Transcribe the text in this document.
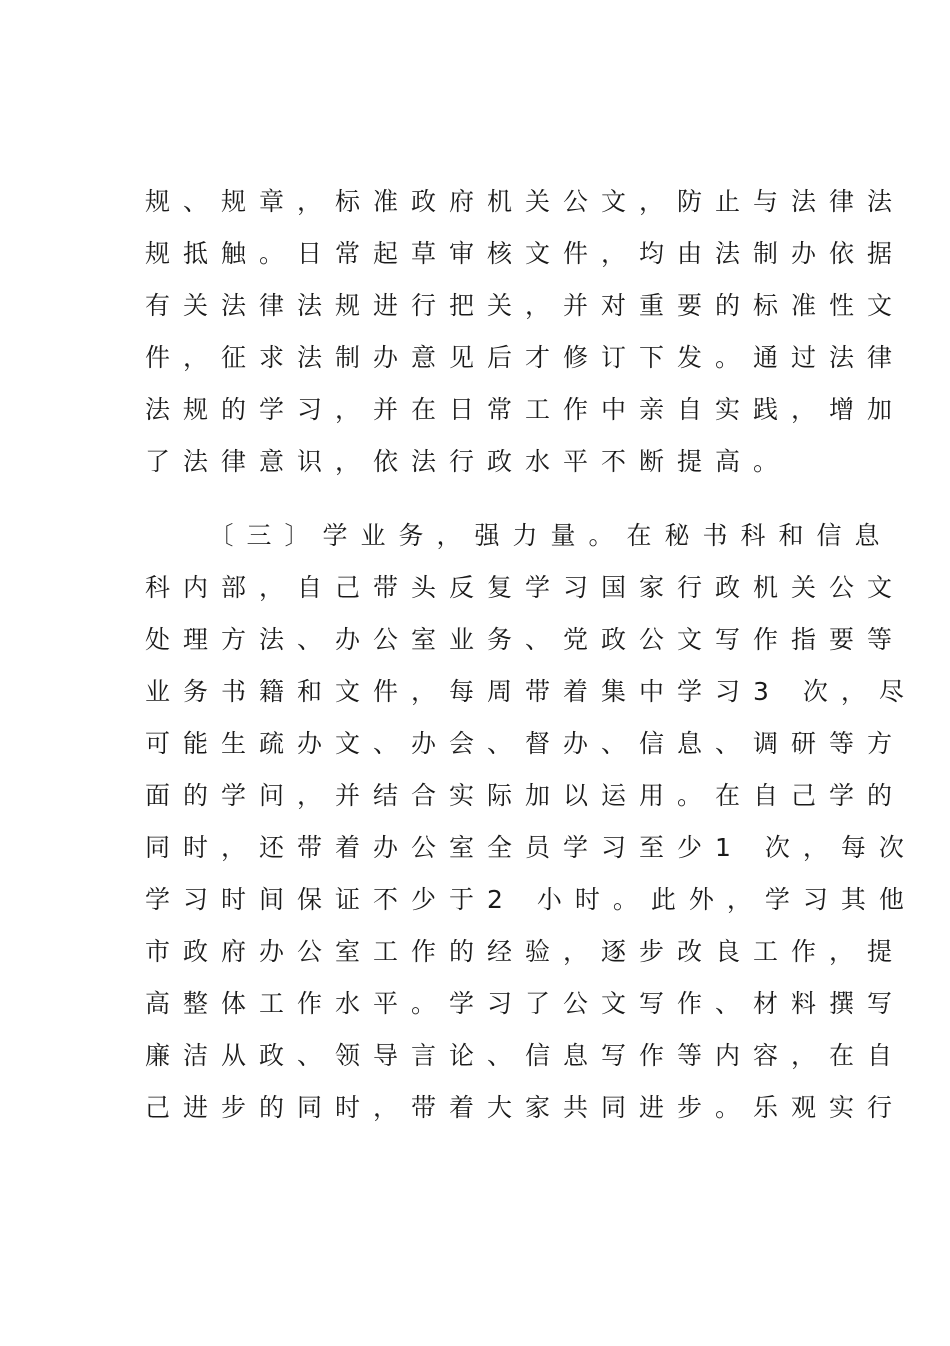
规、规章，标准政府机关公文，防止与法律法
规抵触。日常起草审核文件，均由法制办依据
有关法律法规进行把关，并对重要的标准性文
件，征求法制办意见后才修订下发。通过法律
法规的学习，并在日常工作中亲自实践，增加
了法律意识，依法行政水平不断提高。
　　〔三〕学业务，强力量。在秘书科和信息
科内部，自己带头反复学习国家行政机关公文
处理方法、办公室业务、党政公文写作指要等
业务书籍和文件，每周带着集中学习3 次，尽
可能生疏办文、办会、督办、信息、调研等方
面的学问，并结合实际加以运用。在自己学的
同时，还带着办公室全员学习至少1 次，每次
学习时间保证不少于2 小时。此外，学习其他
市政府办公室工作的经验，逐步改良工作，提
高整体工作水平。学习了公文写作、材料撰写
廉洁从政、领导言论、信息写作等内容，在自
己进步的同时，带着大家共同进步。乐观实行
